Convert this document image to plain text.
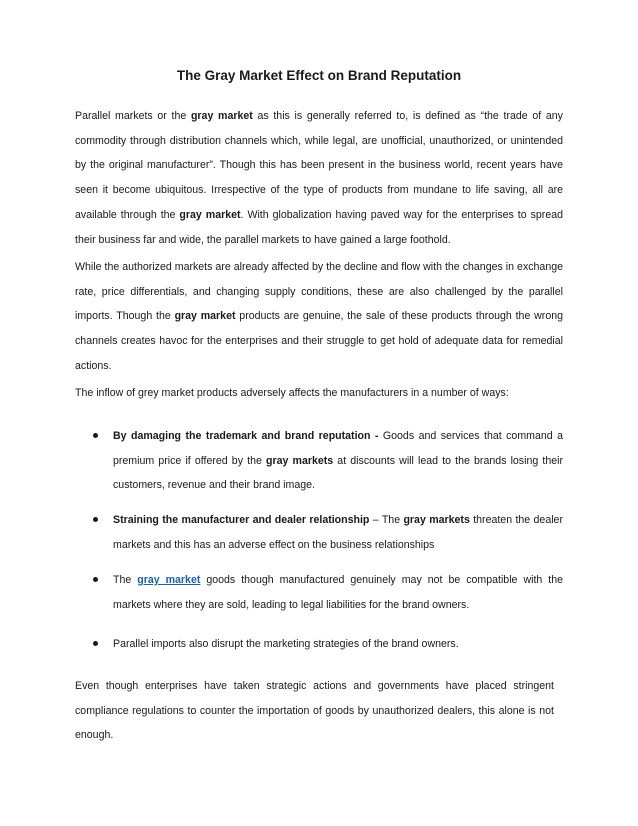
The Gray Market Effect on Brand Reputation

Parallel markets or the gray market as this is generally referred to, is defined as “the trade of any commodity through distribution channels which, while legal, are unofficial, unauthorized, or unintended by the original manufacturer”. Though this has been present in the business world, recent years have seen it become ubiquitous. Irrespective of the type of products from mundane to life saving, all are available through the gray market. With globalization having paved way for the enterprises to spread their business far and wide, the parallel markets to have gained a large foothold.

While the authorized markets are already affected by the decline and flow with the changes in exchange rate, price differentials, and changing supply conditions, these are also challenged by the parallel imports. Though the gray market products are genuine, the sale of these products through the wrong channels creates havoc for the enterprises and their struggle to get hold of adequate data for remedial actions.

The inflow of grey market products adversely affects the manufacturers in a number of ways:

By damaging the trademark and brand reputation - Goods and services that command a premium price if offered by the gray markets at discounts will lead to the brands losing their customers, revenue and their brand image.

Straining the manufacturer and dealer relationship – The gray markets threaten the dealer markets and this has an adverse effect on the business relationships

The gray market goods though manufactured genuinely may not be compatible with the markets where they are sold, leading to legal liabilities for the brand owners.

Parallel imports also disrupt the marketing strategies of the brand owners.

Even though enterprises have taken strategic actions and governments have placed stringent compliance regulations to counter the importation of goods by unauthorized dealers, this alone is not enough.
